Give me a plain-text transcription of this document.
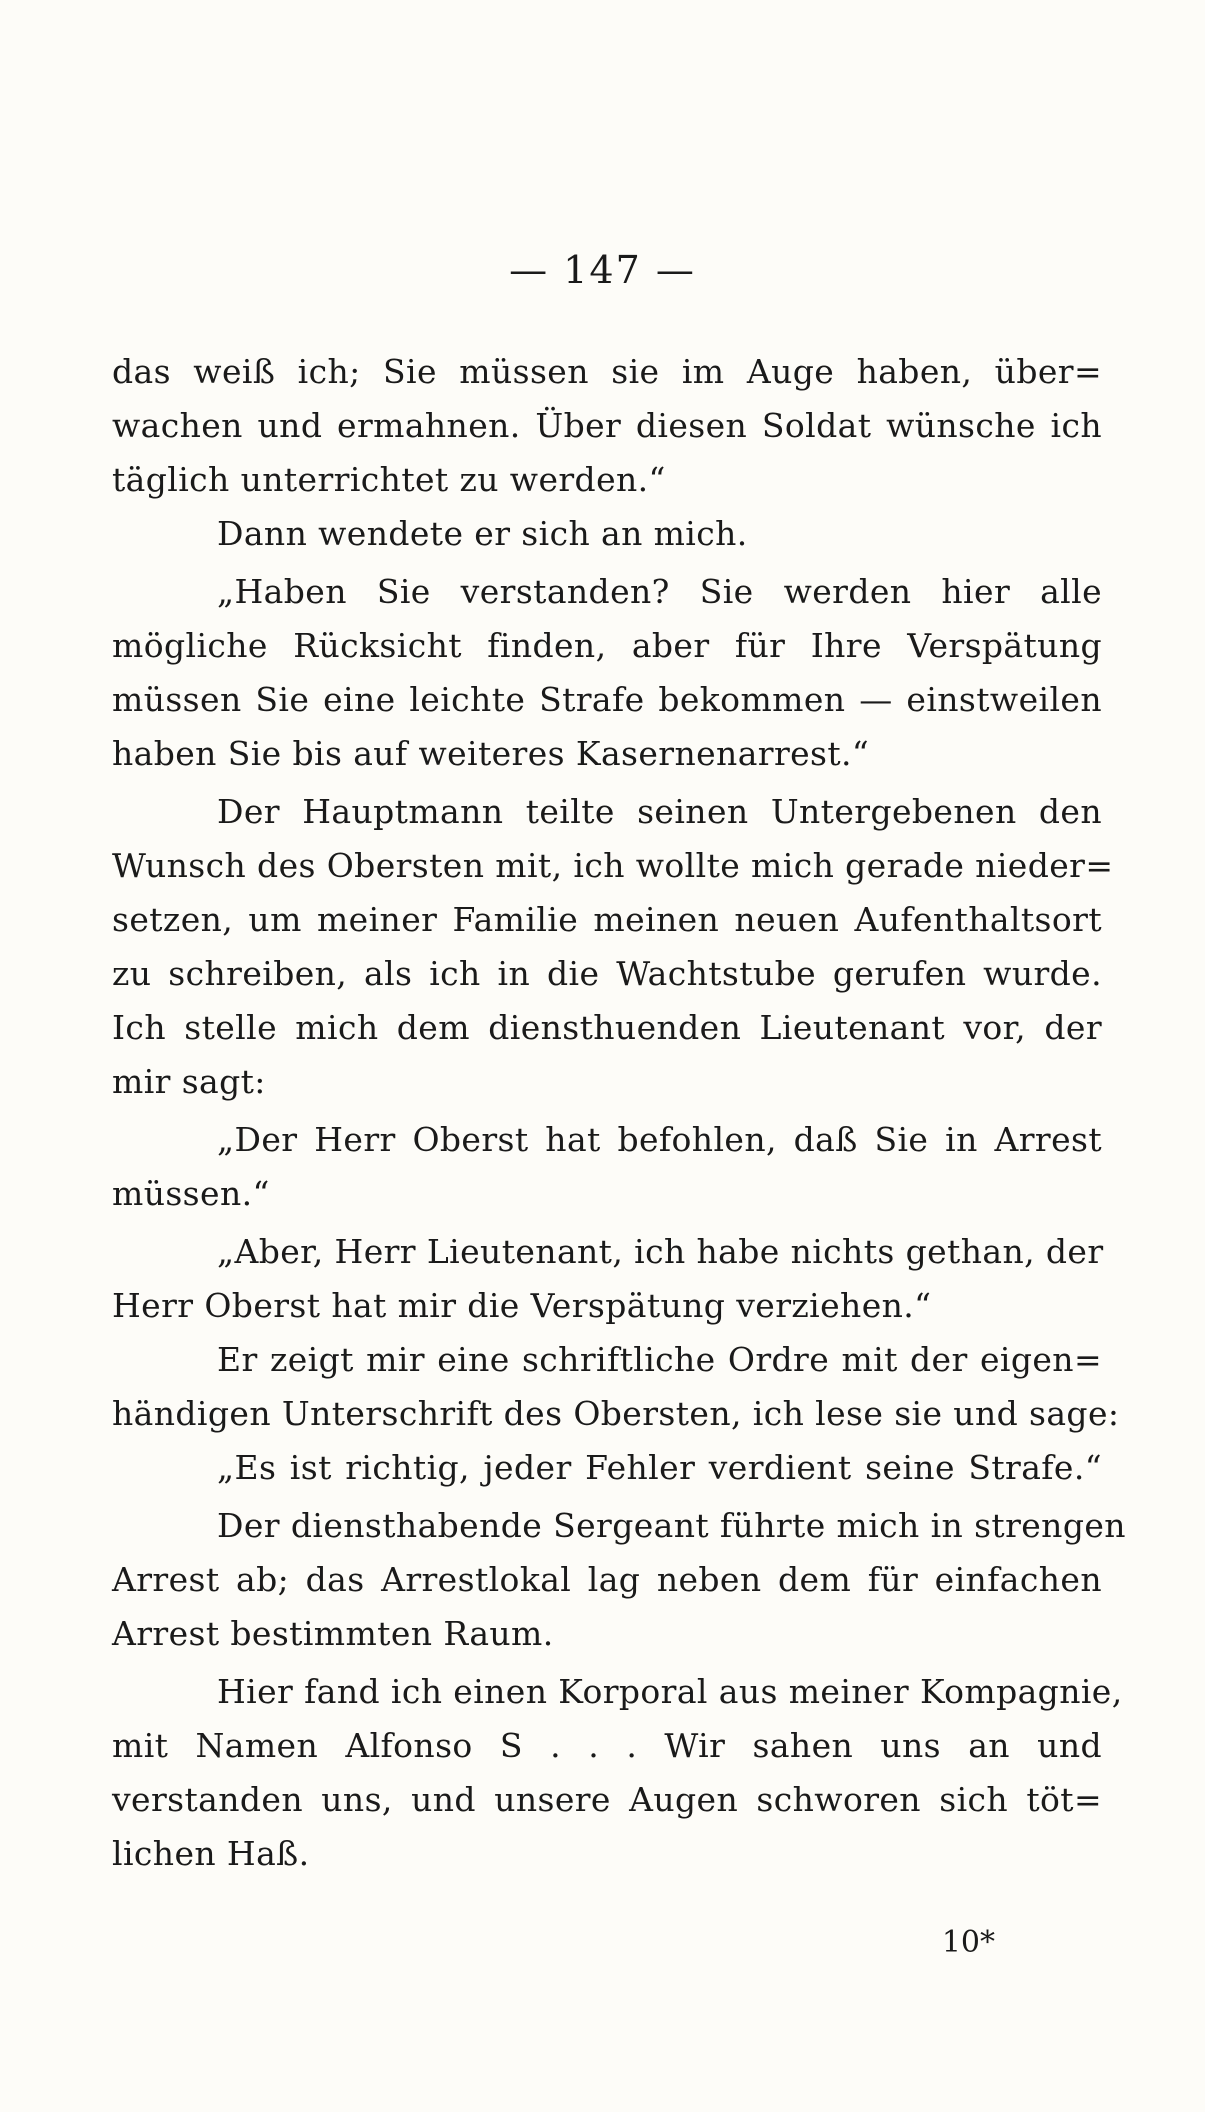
— 147 —
das weiß ich; Sie müssen sie im Auge haben, über=
wachen und ermahnen. Über diesen Soldat wünsche ich
täglich unterrichtet zu werden.“
Dann wendete er sich an mich.
„Haben Sie verstanden? Sie werden hier alle
mögliche Rücksicht finden, aber für Ihre Verspätung
müssen Sie eine leichte Strafe bekommen — einstweilen
haben Sie bis auf weiteres Kasernenarrest.“
Der Hauptmann teilte seinen Untergebenen den
Wunsch des Obersten mit, ich wollte mich gerade nieder=
setzen, um meiner Familie meinen neuen Aufenthaltsort
zu schreiben, als ich in die Wachtstube gerufen wurde.
Ich stelle mich dem diensthuenden Lieutenant vor, der
mir sagt:
„Der Herr Oberst hat befohlen, daß Sie in Arrest
müssen.“
„Aber, Herr Lieutenant, ich habe nichts gethan, der
Herr Oberst hat mir die Verspätung verziehen.“
Er zeigt mir eine schriftliche Ordre mit der eigen=
händigen Unterschrift des Obersten, ich lese sie und sage:
„Es ist richtig, jeder Fehler verdient seine Strafe.“
Der diensthabende Sergeant führte mich in strengen
Arrest ab; das Arrestlokal lag neben dem für einfachen
Arrest bestimmten Raum.
Hier fand ich einen Korporal aus meiner Kompagnie,
mit Namen Alfonso S . . . Wir sahen uns an und
verstanden uns, und unsere Augen schworen sich töt=
lichen Haß.
10*
